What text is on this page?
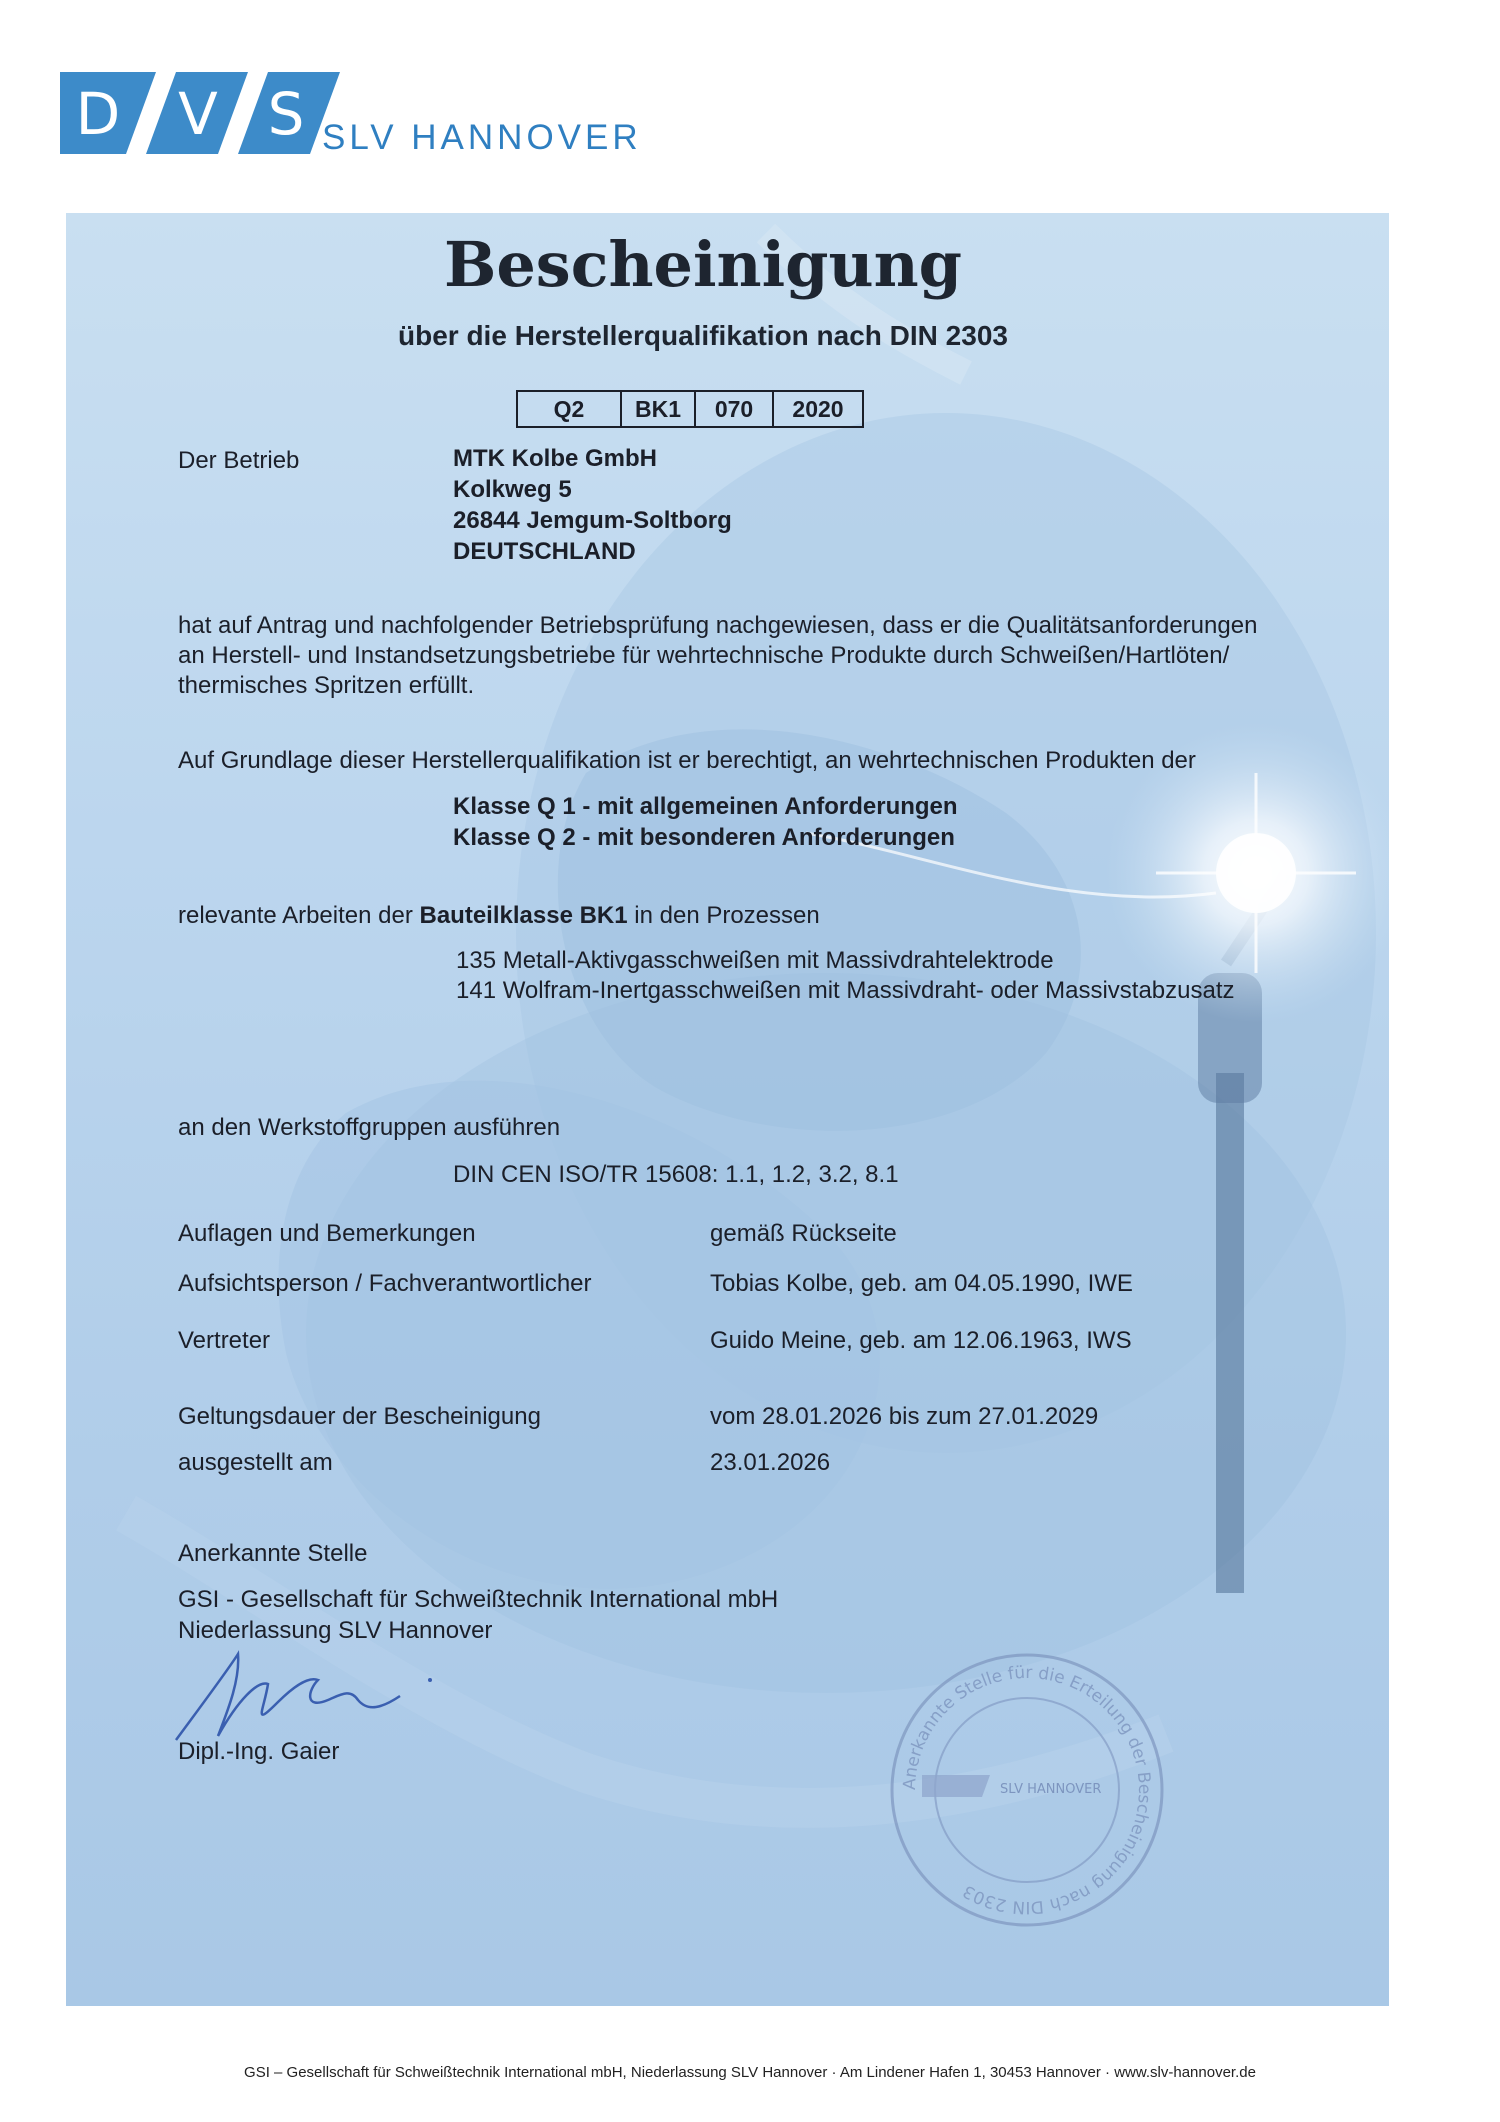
D V S SLV HANNOVER
Bescheinigung
über die Herstellerqualifikation nach DIN 2303
Q2	BK1	070	2020
Der Betrieb	MTK Kolbe GmbH
Kolkweg 5
26844 Jemgum-Soltborg
DEUTSCHLAND
hat auf Antrag und nachfolgender Betriebsprüfung nachgewiesen, dass er die Qualitätsanforderungen
an Herstell- und Instandsetzungsbetriebe für wehrtechnische Produkte durch Schweißen/Hartlöten/
thermisches Spritzen erfüllt.
Auf Grundlage dieser Herstellerqualifikation ist er berechtigt, an wehrtechnischen Produkten der
Klasse Q 1 - mit allgemeinen Anforderungen
Klasse Q 2 - mit besonderen Anforderungen
relevante Arbeiten der Bauteilklasse BK1 in den Prozessen
135 Metall-Aktivgasschweißen mit Massivdrahtelektrode
141 Wolfram-Inertgasschweißen mit Massivdraht- oder Massivstabzusatz
an den Werkstoffgruppen ausführen
DIN CEN ISO/TR 15608: 1.1, 1.2, 3.2, 8.1
Auflagen und Bemerkungen	gemäß Rückseite
Aufsichtsperson / Fachverantwortlicher	Tobias Kolbe, geb. am 04.05.1990, IWE
Vertreter	Guido Meine, geb. am 12.06.1963, IWS
Geltungsdauer der Bescheinigung	vom 28.01.2026 bis zum 27.01.2029
ausgestellt am	23.01.2026
Anerkannte Stelle
GSI - Gesellschaft für Schweißtechnik International mbH
Niederlassung SLV Hannover
Dipl.-Ing. Gaier
Anerkannte Stelle für die Erteilung der Bescheinigung nach DIN 2303
SLV HANNOVER
GSI – Gesellschaft für Schweißtechnik International mbH, Niederlassung SLV Hannover · Am Lindener Hafen 1, 30453 Hannover · www.slv-hannover.de
